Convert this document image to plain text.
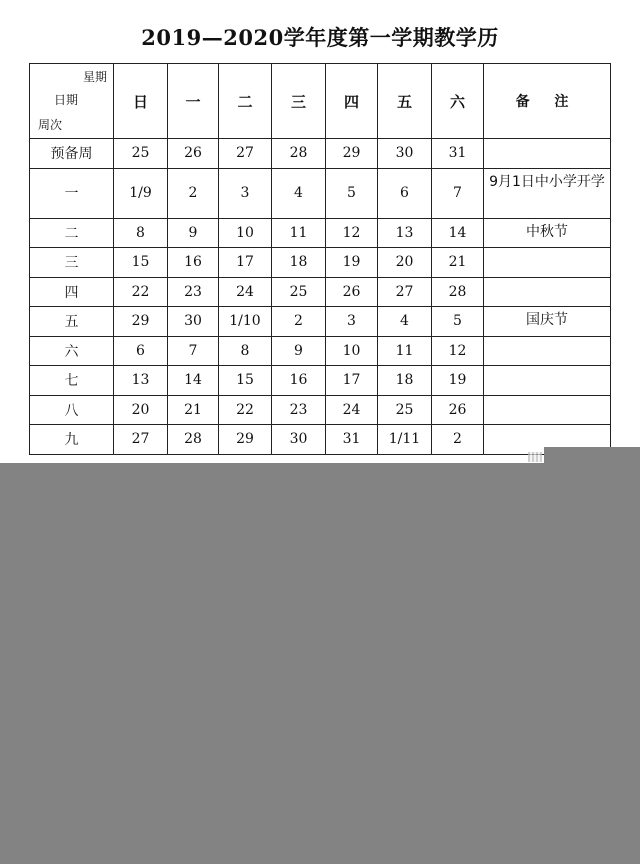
2019—2020学年度第一学期教学历
星期
日期
周次	日	一	二	三	四	五	六	备 注
预备周	25	26	27	28	29	30	31	
一	1/9	2	3	4	5	6	7	9月1日中小学开学
二	8	9	10	11	12	13	14	中秋节
三	15	16	17	18	19	20	21	
四	22	23	24	25	26	27	28	
五	29	30	1/10	2	3	4	5	国庆节
六	6	7	8	9	10	11	12	
七	13	14	15	16	17	18	19	
八	20	21	22	23	24	25	26	
九	27	28	29	30	31	1/11	2	
